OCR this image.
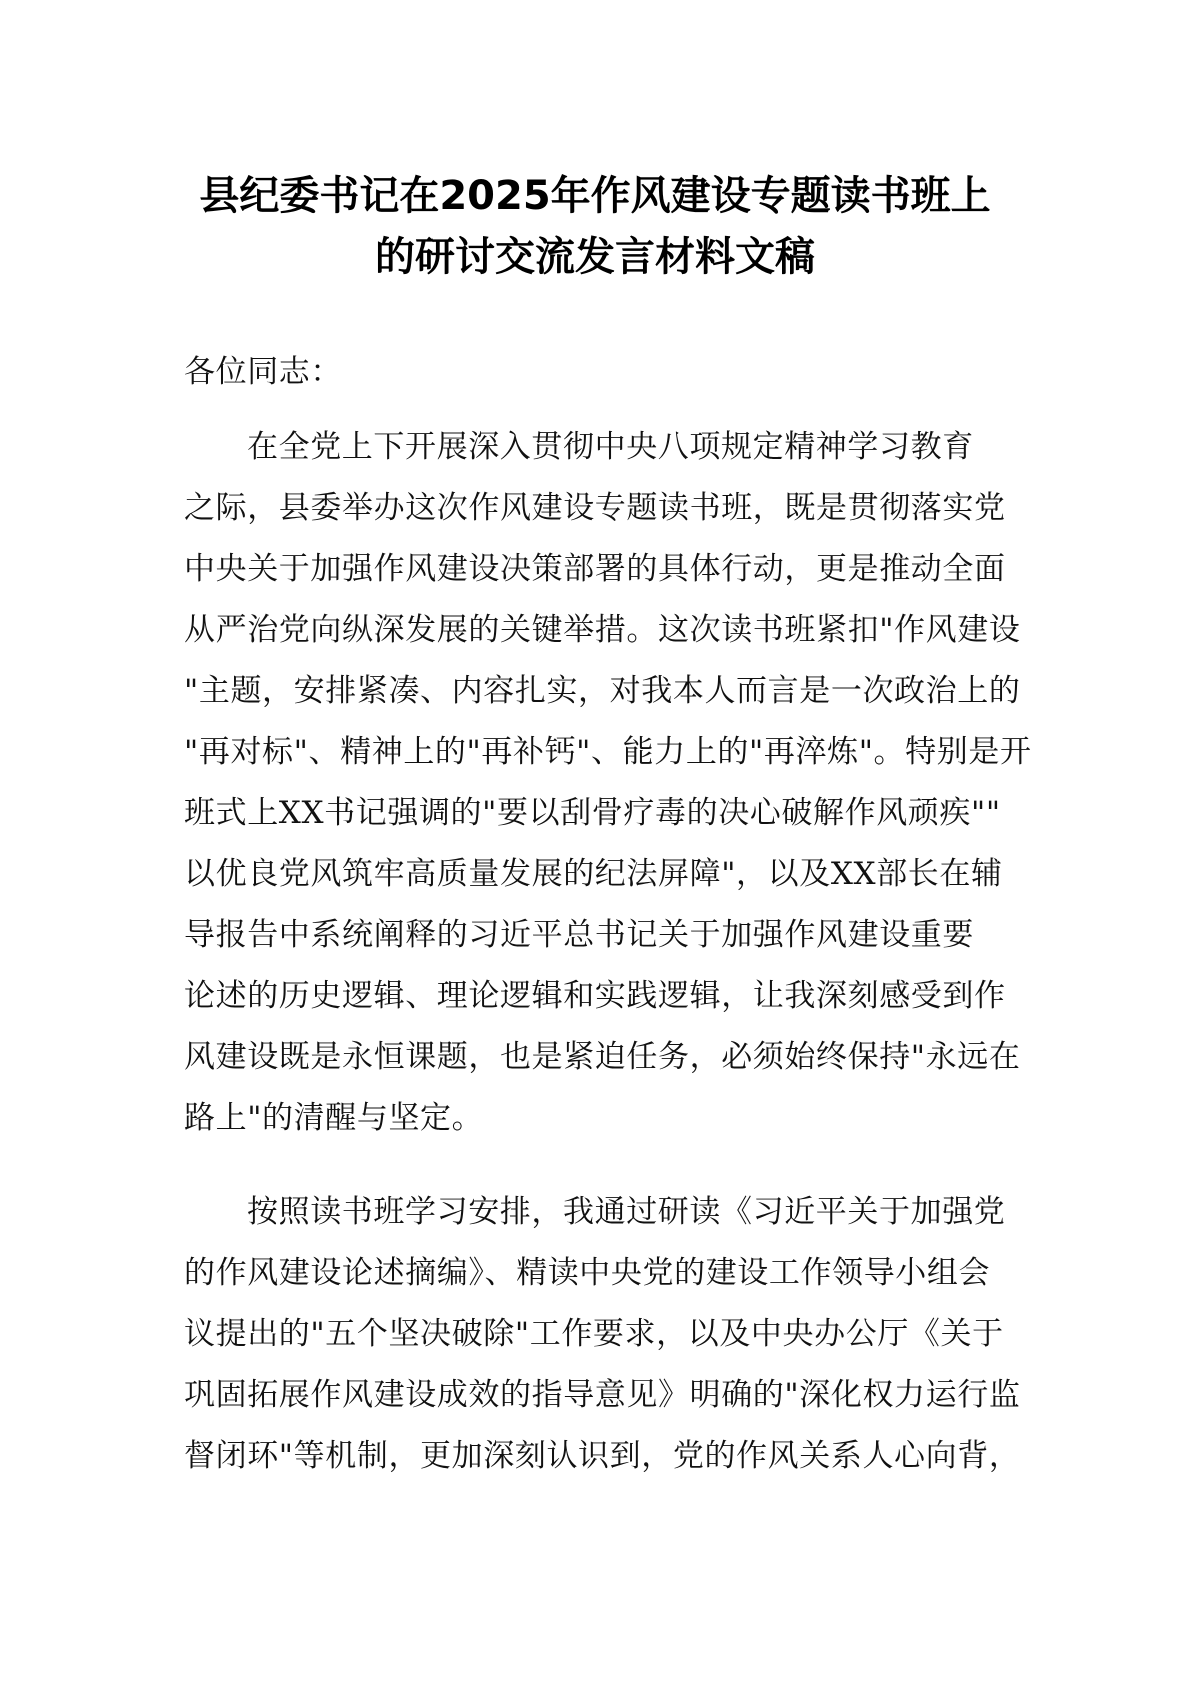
县纪委书记在2025年作风建设专题读书班上
的研讨交流发言材料文稿
各位同志：
在全党上下开展深入贯彻中央八项规定精神学习教育
之际，县委举办这次作风建设专题读书班，既是贯彻落实党
中央关于加强作风建设决策部署的具体行动，更是推动全面
从严治党向纵深发展的关键举措。这次读书班紧扣"作风建设
"主题，安排紧凑、内容扎实，对我本人而言是一次政治上的
"再对标"、精神上的"再补钙"、能力上的"再淬炼"。特别是开
班式上XX书记强调的"要以刮骨疗毒的决心破解作风顽疾""
以优良党风筑牢高质量发展的纪法屏障"，以及XX部长在辅
导报告中系统阐释的习近平总书记关于加强作风建设重要
论述的历史逻辑、理论逻辑和实践逻辑，让我深刻感受到作
风建设既是永恒课题，也是紧迫任务，必须始终保持"永远在
路上"的清醒与坚定。
按照读书班学习安排，我通过研读《习近平关于加强党
的作风建设论述摘编》、精读中央党的建设工作领导小组会
议提出的"五个坚决破除"工作要求，以及中央办公厅《关于
巩固拓展作风建设成效的指导意见》明确的"深化权力运行监
督闭环"等机制，更加深刻认识到，党的作风关系人心向背，
